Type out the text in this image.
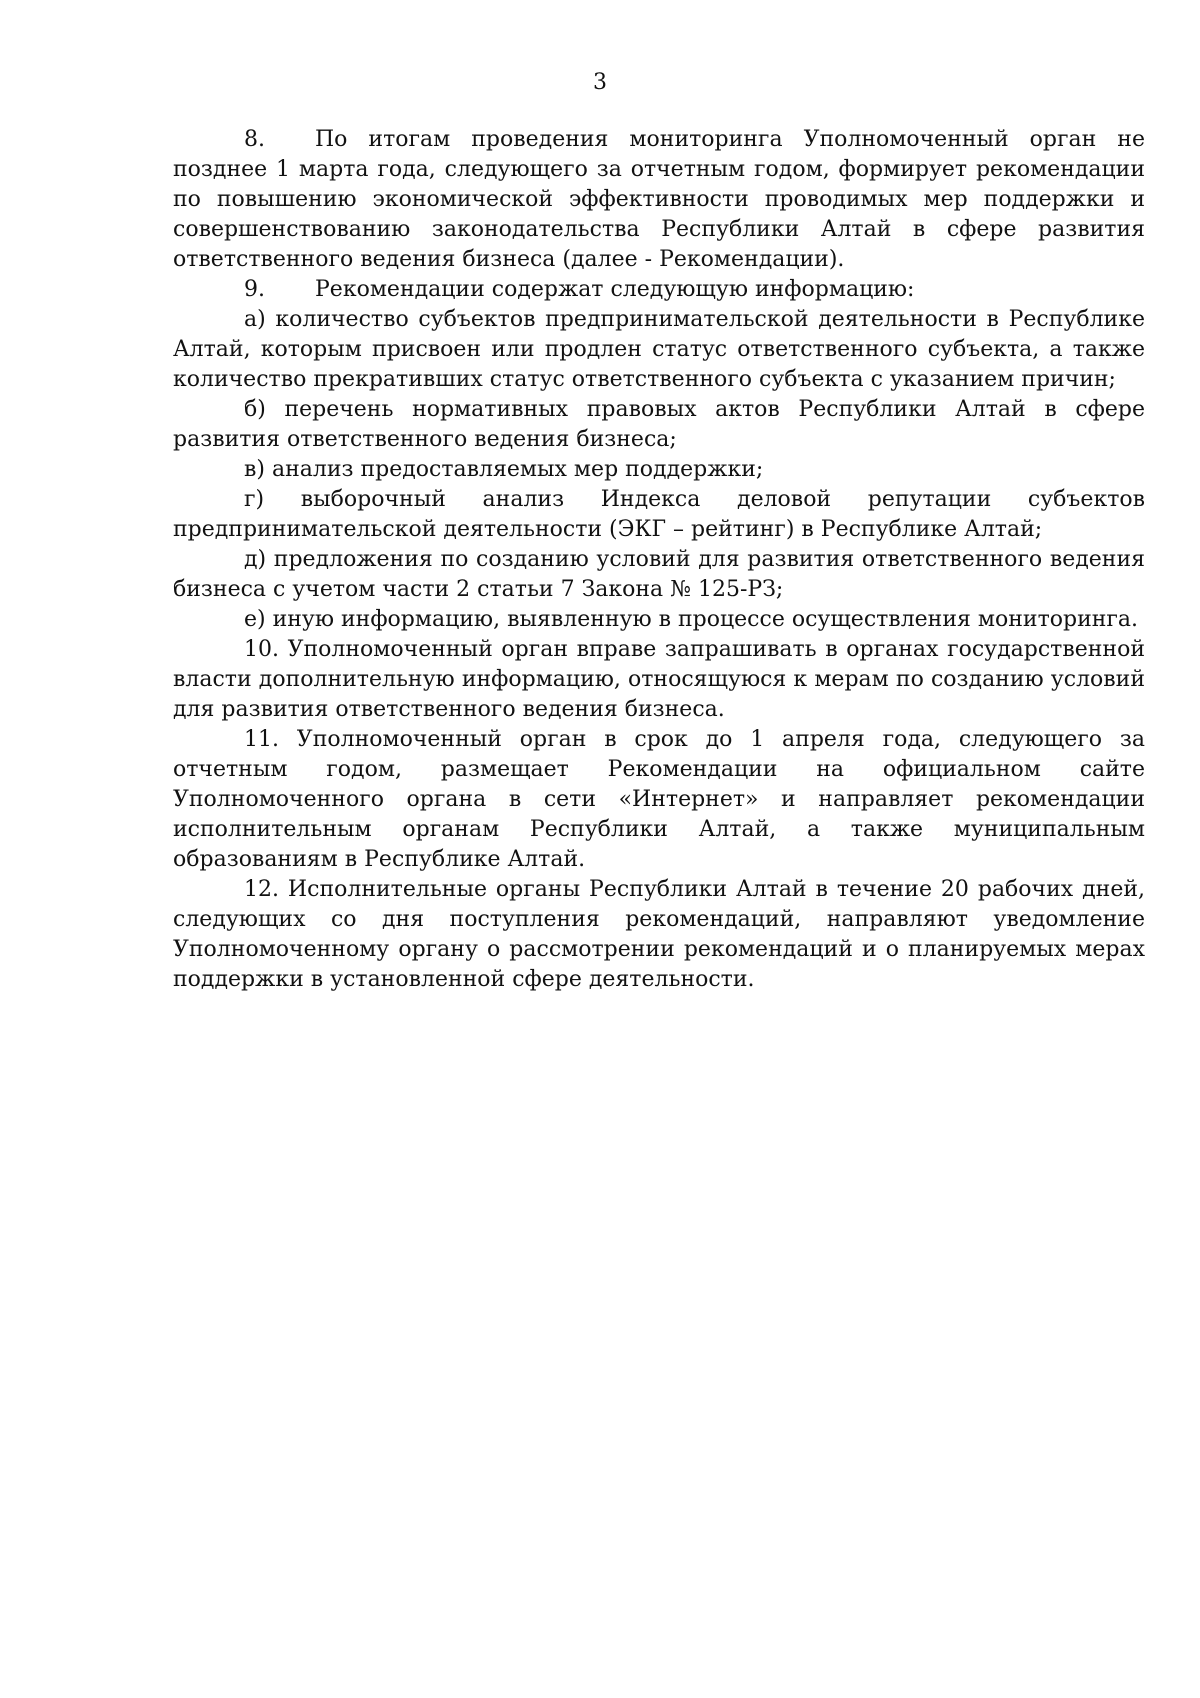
3

8. По итогам проведения мониторинга Уполномоченный орган не позднее 1 марта года, следующего за отчетным годом, формирует рекомендации по повышению экономической эффективности проводимых мер поддержки и совершенствованию законодательства Республики Алтай в сфере развития ответственного ведения бизнеса (далее - Рекомендации).

9. Рекомендации содержат следующую информацию:

а) количество субъектов предпринимательской деятельности в Республике Алтай, которым присвоен или продлен статус ответственного субъекта, а также количество прекративших статус ответственного субъекта с указанием причин;

б) перечень нормативных правовых актов Республики Алтай в сфере развития ответственного ведения бизнеса;

в) анализ предоставляемых мер поддержки;

г) выборочный анализ Индекса деловой репутации субъектов предпринимательской деятельности (ЭКГ – рейтинг) в Республике Алтай;

д) предложения по созданию условий для развития ответственного ведения бизнеса с учетом части 2 статьи 7 Закона № 125-РЗ;

е) иную информацию, выявленную в процессе осуществления мониторинга.

10. Уполномоченный орган вправе запрашивать в органах государственной власти дополнительную информацию, относящуюся к мерам по созданию условий для развития ответственного ведения бизнеса.

11. Уполномоченный орган в срок до 1 апреля года, следующего за отчетным годом, размещает Рекомендации на официальном сайте Уполномоченного органа в сети «Интернет» и направляет рекомендации исполнительным органам Республики Алтай, а также муниципальным образованиям в Республике Алтай.

12. Исполнительные органы Республики Алтай в течение 20 рабочих дней, следующих со дня поступления рекомендаций, направляют уведомление Уполномоченному органу о рассмотрении рекомендаций и о планируемых мерах поддержки в установленной сфере деятельности.
